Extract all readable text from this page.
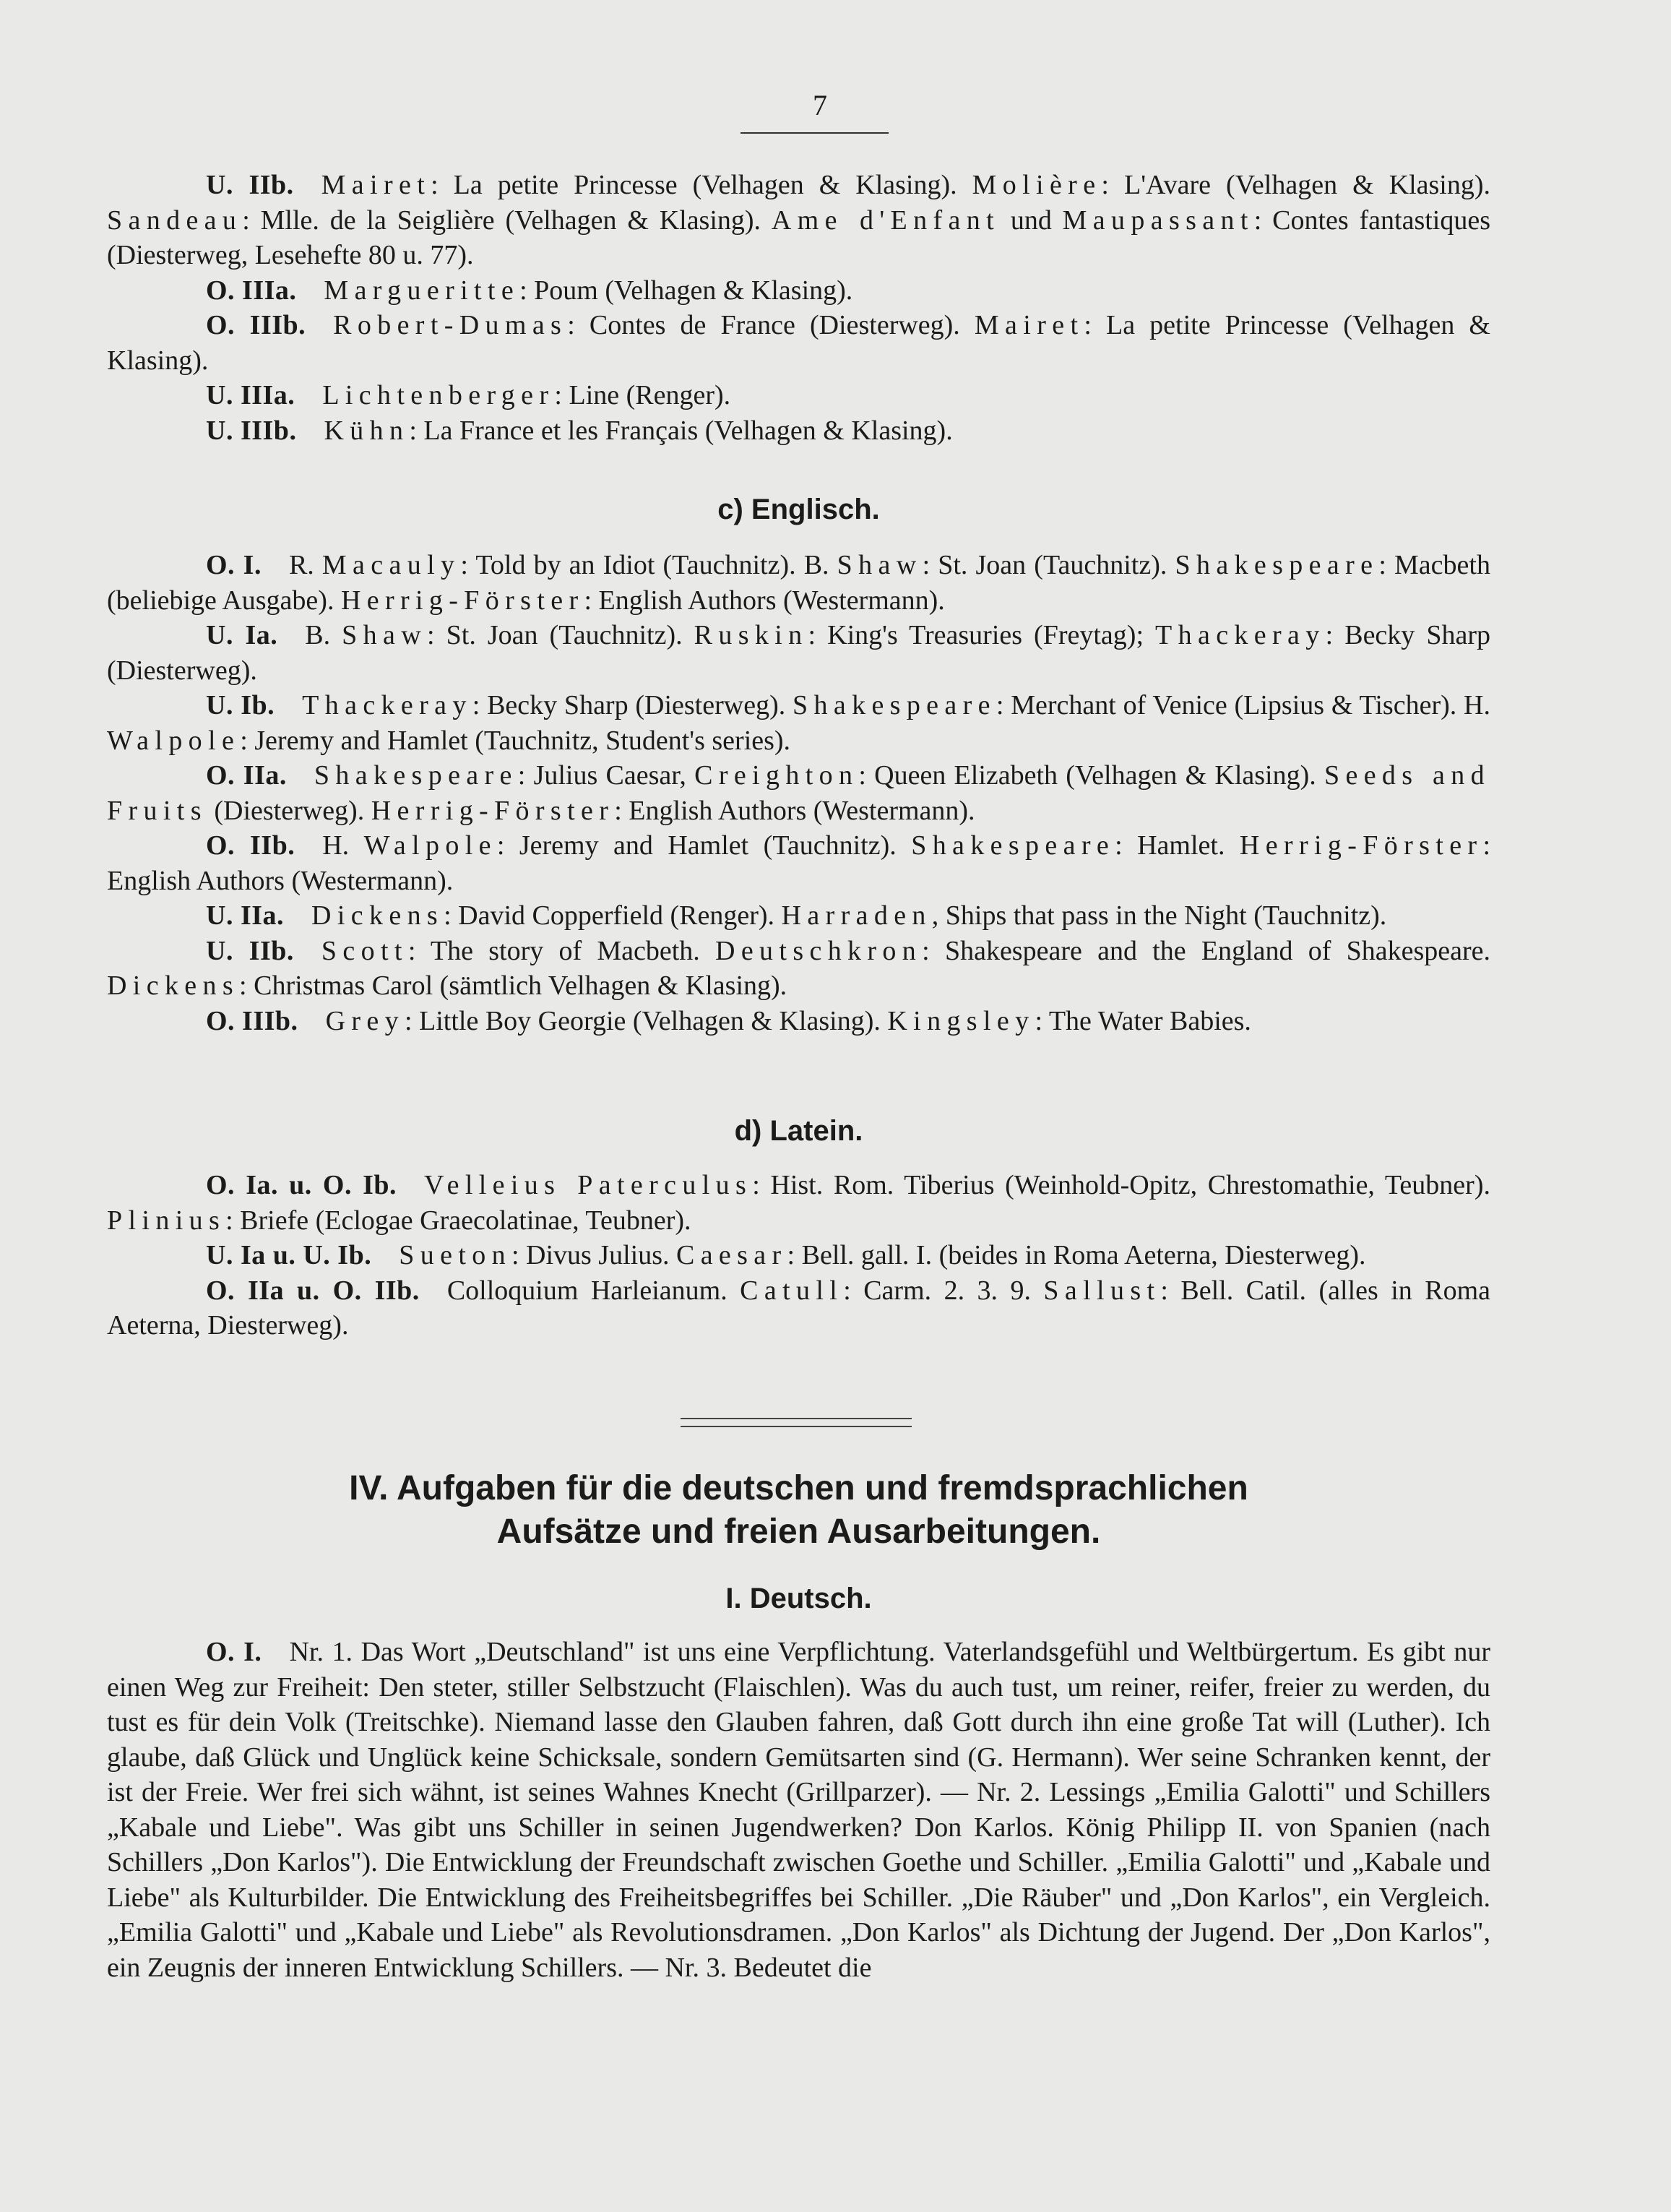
7

U. IIb.  Mairet: La petite Princesse (Velhagen & Klasing). Molière: L'Avare (Velhagen & Klasing). Sandeau: Mlle. de la Seiglière (Velhagen & Klasing). Ame d'Enfant und Maupassant: Contes fantastiques (Diesterweg, Lesehefte 80 u. 77).

O. IIIa.  Margueritte: Poum (Velhagen & Klasing).

O. IIIb.  Robert-Dumas: Contes de France (Diesterweg). Mairet: La petite Princesse (Velhagen & Klasing).

U. IIIa.  Lichtenberger: Line (Renger).

U. IIIb.  Kühn: La France et les Français (Velhagen & Klasing).

c) Englisch.

O. I.  R. Macauly: Told by an Idiot (Tauchnitz). B. Shaw: St. Joan (Tauchnitz). Shakespeare: Macbeth (beliebige Ausgabe). Herrig-Förster: English Authors (Westermann).

U. Ia.  B. Shaw: St. Joan (Tauchnitz). Ruskin: King's Treasuries (Freytag); Thackeray: Becky Sharp (Diesterweg).

U. Ib.  Thackeray: Becky Sharp (Diesterweg). Shakespeare: Merchant of Venice (Lipsius & Tischer). H. Walpole: Jeremy and Hamlet (Tauchnitz, Student's series).

O. IIa.  Shakespeare: Julius Caesar, Creighton: Queen Elizabeth (Velhagen & Klasing). Seeds and Fruits (Diesterweg). Herrig-Förster: English Authors (Westermann).

O. IIb.  H. Walpole: Jeremy and Hamlet (Tauchnitz). Shakespeare: Hamlet. Herrig-Förster: English Authors (Westermann).

U. IIa.  Dickens: David Copperfield (Renger). Harraden, Ships that pass in the Night (Tauchnitz).

U. IIb.  Scott: The story of Macbeth. Deutschkron: Shakespeare and the England of Shakespeare. Dickens: Christmas Carol (sämtlich Velhagen & Klasing).

O. IIIb.  Grey: Little Boy Georgie (Velhagen & Klasing). Kingsley: The Water Babies.

d) Latein.

O. Ia. u. O. Ib.  Velleius Paterculus: Hist. Rom. Tiberius (Weinhold-Opitz, Chrestomathie, Teubner). Plinius: Briefe (Eclogae Graecolatinae, Teubner).

U. Ia u. U. Ib.  Sueton: Divus Julius. Caesar: Bell. gall. I. (beides in Roma Aeterna, Diesterweg).

O. IIa u. O. IIb.  Colloquium Harleianum. Catull: Carm. 2. 3. 9. Sallust: Bell. Catil. (alles in Roma Aeterna, Diesterweg).

IV. Aufgaben für die deutschen und fremdsprachlichen
Aufsätze und freien Ausarbeitungen.
I. Deutsch.

O. I.  Nr. 1. Das Wort „Deutschland" ist uns eine Verpflichtung. Vaterlandsgefühl und Weltbürgertum. Es gibt nur einen Weg zur Freiheit: Den steter, stiller Selbstzucht (Flaischlen). Was du auch tust, um reiner, reifer, freier zu werden, du tust es für dein Volk (Treitschke). Niemand lasse den Glauben fahren, daß Gott durch ihn eine große Tat will (Luther). Ich glaube, daß Glück und Unglück keine Schicksale, sondern Gemütsarten sind (G. Hermann). Wer seine Schranken kennt, der ist der Freie. Wer frei sich wähnt, ist seines Wahnes Knecht (Grillparzer). — Nr. 2. Lessings „Emilia Galotti" und Schillers „Kabale und Liebe". Was gibt uns Schiller in seinen Jugendwerken? Don Karlos. König Philipp II. von Spanien (nach Schillers „Don Karlos"). Die Entwicklung der Freundschaft zwischen Goethe und Schiller. „Emilia Galotti" und „Kabale und Liebe" als Kulturbilder. Die Entwicklung des Freiheitsbegriffes bei Schiller. „Die Räuber" und „Don Karlos", ein Vergleich. „Emilia Galotti" und „Kabale und Liebe" als Revolutionsdramen. „Don Karlos" als Dichtung der Jugend. Der „Don Karlos", ein Zeugnis der inneren Entwicklung Schillers. — Nr. 3. Bedeutet die
